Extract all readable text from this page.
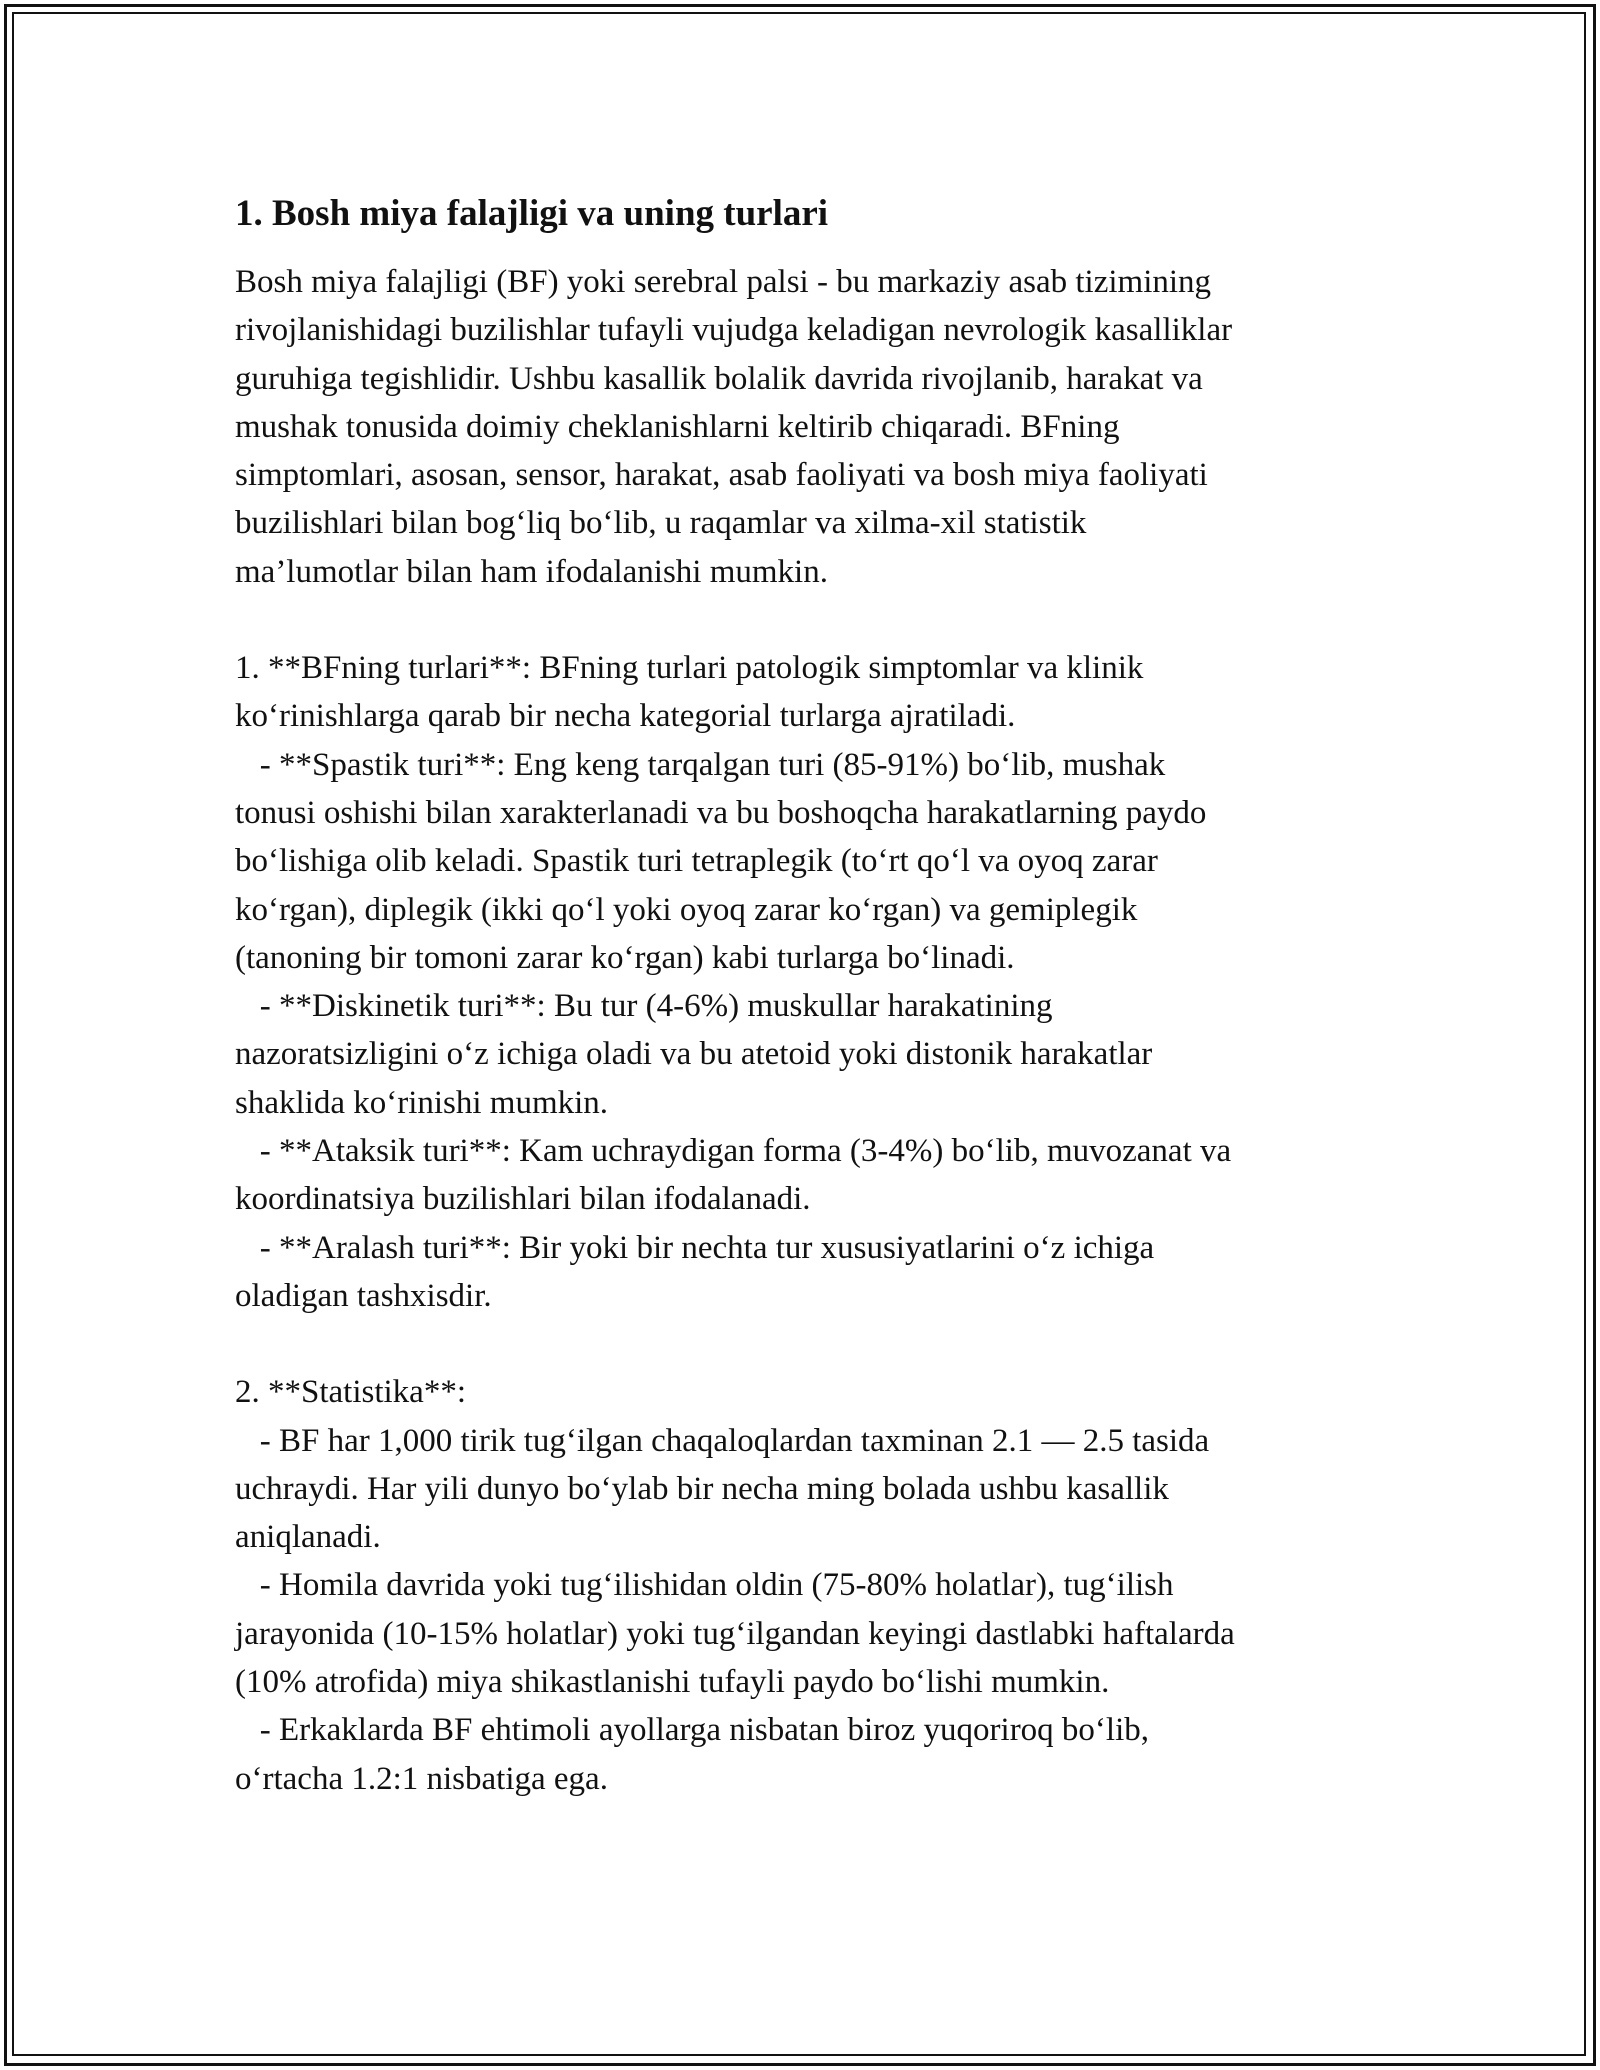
1. Bosh miya falajligi va uning turlari

Bosh miya falajligi (BF) yoki serebral palsi - bu markaziy asab tizimining
rivojlanishidagi buzilishlar tufayli vujudga keladigan nevrologik kasalliklar
guruhiga tegishlidir. Ushbu kasallik bolalik davrida rivojlanib, harakat va
mushak tonusida doimiy cheklanishlarni keltirib chiqaradi. BFning
simptomlari, asosan, sensor, harakat, asab faoliyati va bosh miya faoliyati
buzilishlari bilan bog‘liq bo‘lib, u raqamlar va xilma-xil statistik
ma’lumotlar bilan ham ifodalanishi mumkin.

1. **BFning turlari**: BFning turlari patologik simptomlar va klinik
ko‘rinishlarga qarab bir necha kategorial turlarga ajratiladi.
- **Spastik turi**: Eng keng tarqalgan turi (85-91%) bo‘lib, mushak
tonusi oshishi bilan xarakterlanadi va bu boshoqcha harakatlarning paydo
bo‘lishiga olib keladi. Spastik turi tetraplegik (to‘rt qo‘l va oyoq zarar
ko‘rgan), diplegik (ikki qo‘l yoki oyoq zarar ko‘rgan) va gemiplegik
(tanoning bir tomoni zarar ko‘rgan) kabi turlarga bo‘linadi.
- **Diskinetik turi**: Bu tur (4-6%) muskullar harakatining
nazoratsizligini o‘z ichiga oladi va bu atetoid yoki distonik harakatlar
shaklida ko‘rinishi mumkin.
- **Ataksik turi**: Kam uchraydigan forma (3-4%) bo‘lib, muvozanat va
koordinatsiya buzilishlari bilan ifodalanadi.
- **Aralash turi**: Bir yoki bir nechta tur xususiyatlarini o‘z ichiga
oladigan tashxisdir.

2. **Statistika**:
- BF har 1,000 tirik tug‘ilgan chaqaloqlardan taxminan 2.1 — 2.5 tasida
uchraydi. Har yili dunyo bo‘ylab bir necha ming bolada ushbu kasallik
aniqlanadi.
- Homila davrida yoki tug‘ilishidan oldin (75-80% holatlar), tug‘ilish
jarayonida (10-15% holatlar) yoki tug‘ilgandan keyingi dastlabki haftalarda
(10% atrofida) miya shikastlanishi tufayli paydo bo‘lishi mumkin.
- Erkaklarda BF ehtimoli ayollarga nisbatan biroz yuqoriroq bo‘lib,
o‘rtacha 1.2:1 nisbatiga ega.
